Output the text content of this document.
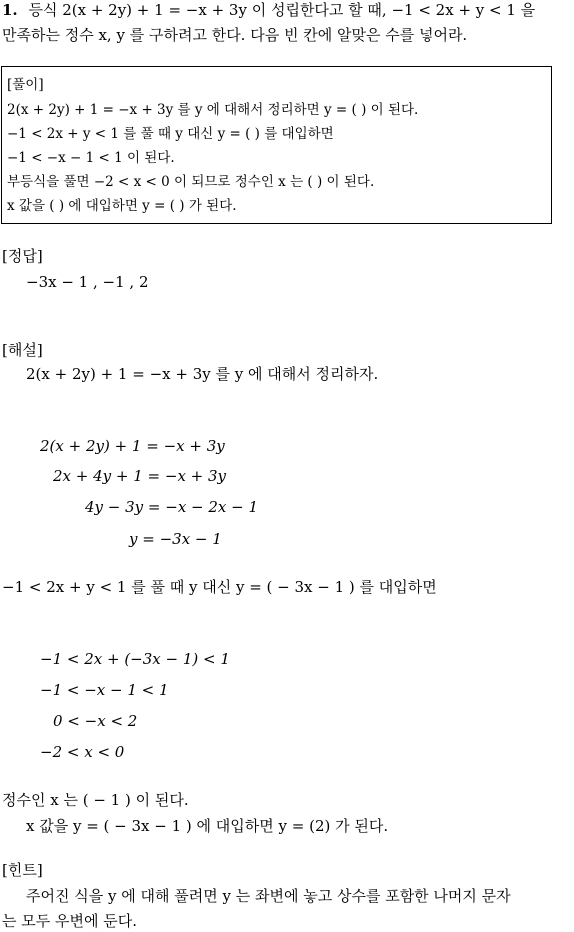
1. 등식 2(x + 2y) + 1 = −x + 3y 이 성립한다고 할 때, −1 < 2x + y < 1 을
만족하는 정수 x, y 를 구하려고 한다. 다음 빈 칸에 알맞은 수를 넣어라.
[풀이]
2(x + 2y) + 1 = −x + 3y 를 y 에 대해서 정리하면 y = ( ) 이 된다.
−1 < 2x + y < 1 를 풀 때 y 대신 y = ( ) 를 대입하면
−1 < −x − 1 < 1 이 된다.
부등식을 풀면 −2 < x < 0 이 되므로 정수인 x 는 ( ) 이 된다.
x 값을 ( ) 에 대입하면 y = ( ) 가 된다.
[정답]
−3x − 1 , −1 , 2
[해설]
2(x + 2y) + 1 = −x + 3y 를 y 에 대해서 정리하자.
2(x + 2y) + 1 = −x + 3y
2x + 4y + 1 = −x + 3y
4y − 3y = −x − 2x − 1
y = −3x − 1
−1 < 2x + y < 1 를 풀 때 y 대신 y = ( − 3x − 1 ) 를 대입하면
−1 < 2x + (−3x − 1) < 1
−1 < −x − 1 < 1
0 < −x < 2
−2 < x < 0
정수인 x 는 ( − 1 ) 이 된다.
x 값을 y = ( − 3x − 1 ) 에 대입하면 y = (2) 가 된다.
[힌트]
주어진 식을 y 에 대해 풀려면 y 는 좌변에 놓고 상수를 포함한 나머지 문자
는 모두 우변에 둔다.
